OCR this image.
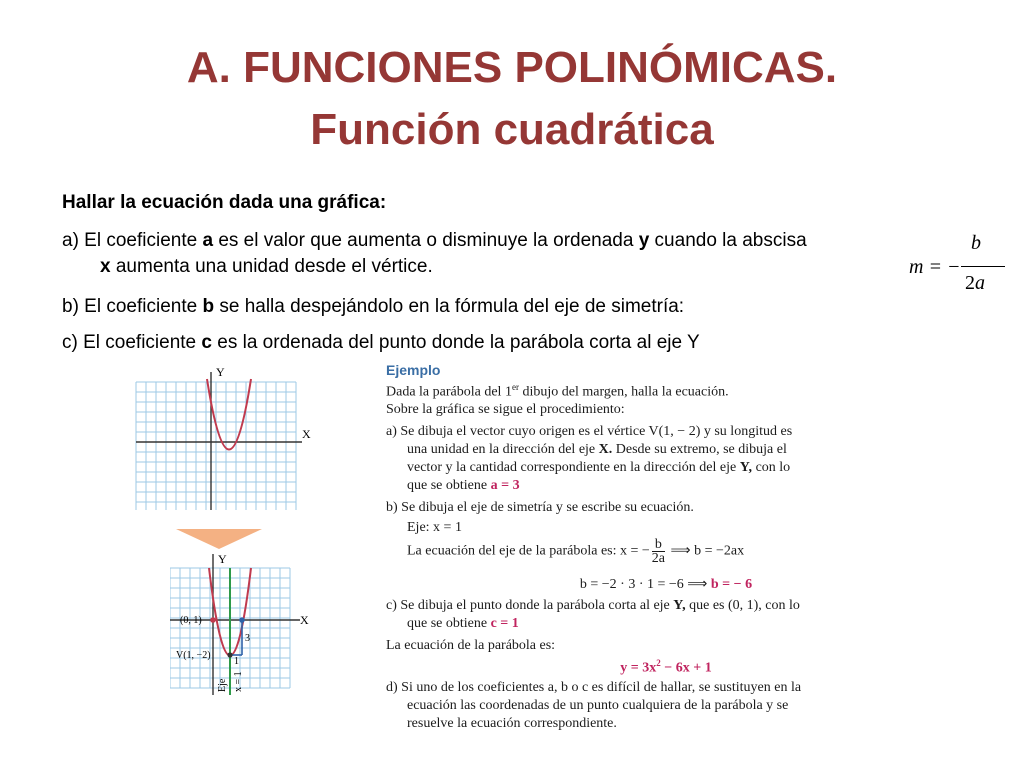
A. FUNCIONES POLINÓMICAS.
Función cuadrática
Hallar la ecuación dada una gráfica:
a) El coeficiente a es el valor que aumenta o disminuye la ordenada y cuando la abscisa
x aumenta una unidad desde el vértice.
b) El coeficiente b se halla despejándolo en la fórmula del eje de simetría:
c) El coeficiente c es la ordenada del punto donde la parábola corta al eje Y
m = −
b
2a
Y
X
Y
X
(0, 1)
V(1, −2)
1
3
Eje x = 1
Ejemplo
Dada la parábola del 1er dibujo del margen, halla la ecuación.
Sobre la gráfica se sigue el procedimiento:
a) Se dibuja el vector cuyo origen es el vértice V(1, − 2) y su longitud es
una unidad en la dirección del eje X. Desde su extremo, se dibuja el
vector y la cantidad correspondiente en la dirección del eje Y, con lo
que se obtiene a = 3
b) Se dibuja el eje de simetría y se escribe su ecuación.
Eje: x = 1
La ecuación del eje de la parábola es: x = − $\frac{b}{2a}$ ⟹ b = −2ax
b = −2 · 3 · 1 = −6 ⟹ b = − 6
c) Se dibuja el punto donde la parábola corta al eje Y, que es (0, 1), con lo
que se obtiene c = 1
La ecuación de la parábola es:
$y = 3x^2 - 6x + 1$
d) Si uno de los coeficientes a, b o c es difícil de hallar, se sustituyen en la
ecuación las coordenadas de un punto cualquiera de la parábola y se
resuelve la ecuación correspondiente.
